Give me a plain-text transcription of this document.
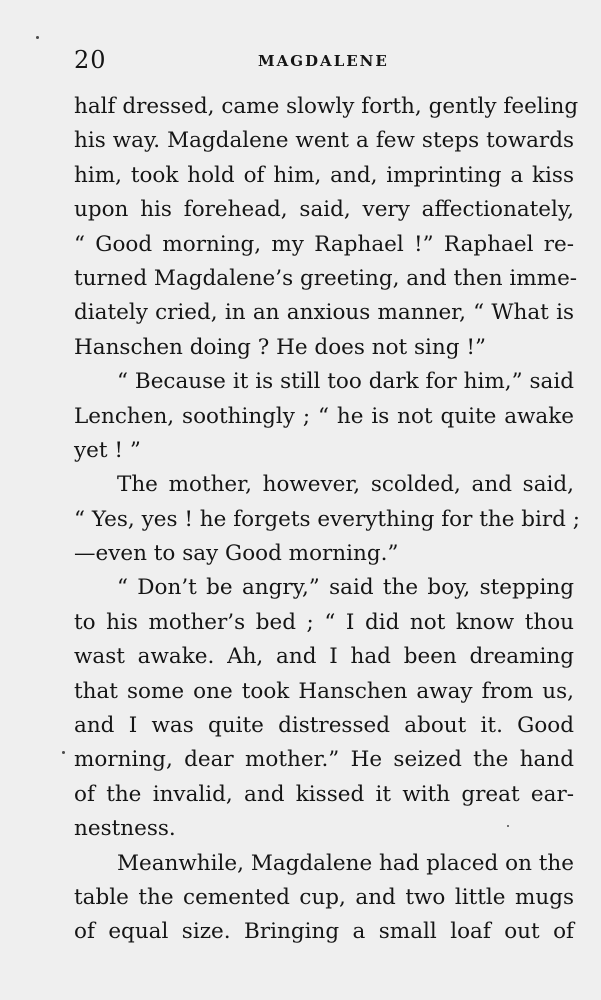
20	MAGDALENE
half dressed, came slowly forth, gently feeling
his way. Magdalene went a few steps towards
him, took hold of him, and, imprinting a kiss
upon his forehead, said, very affectionately,
“ Good morning, my Raphael !” Raphael re-
turned Magdalene’s greeting, and then imme-
diately cried, in an anxious manner, “ What is
Hanschen doing ? He does not sing !”
“ Because it is still too dark for him,” said
Lenchen, soothingly ; “ he is not quite awake
yet ! ”
The mother, however, scolded, and said,
“ Yes, yes ! he forgets everything for the bird ;
—even to say Good morning.”
“ Don’t be angry,” said the boy, stepping
to his mother’s bed ; “ I did not know thou
wast awake. Ah, and I had been dreaming
that some one took Hanschen away from us,
and I was quite distressed about it. Good
morning, dear mother.” He seized the hand
of the invalid, and kissed it with great ear-
nestness.
Meanwhile, Magdalene had placed on the
table the cemented cup, and two little mugs
of equal size. Bringing a small loaf out of
